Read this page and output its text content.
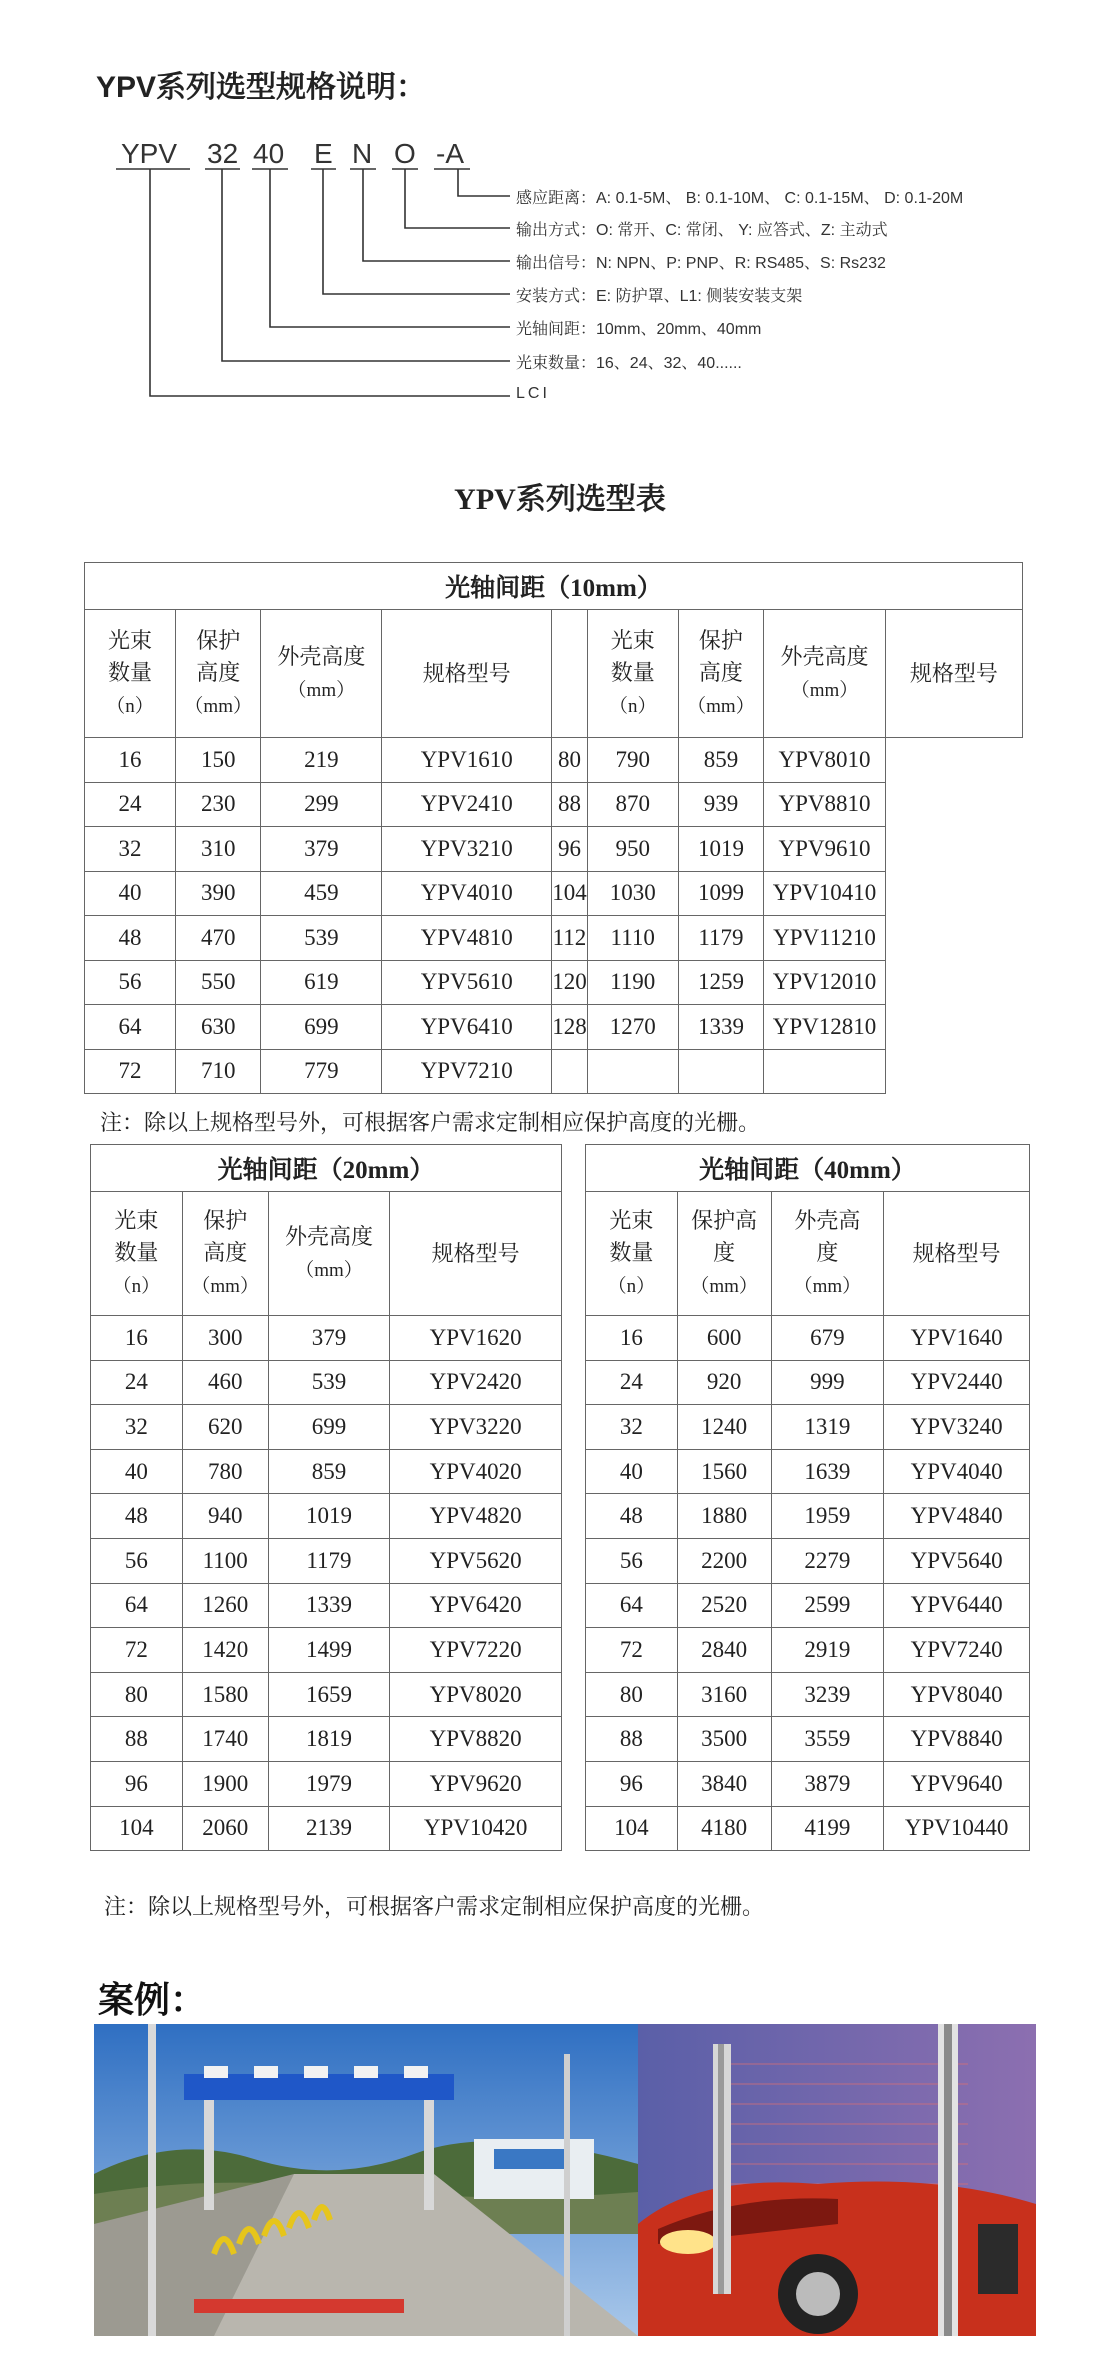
YPV系列选型规格说明：
YPV 32 40 E N O -A
感应距离：A: 0.1-5M、 B: 0.1-10M、 C: 0.1-15M、 D: 0.1-20M
输出方式：O: 常开、C: 常闭、 Y: 应答式、Z: 主动式
输出信号：N: NPN、P: PNP、R: RS485、S: Rs232
安装方式：E: 防护罩、L1: 侧装安装支架
光轴间距：10mm、20mm、40mm
光束数量：16、24、32、40......
LCI
YPV系列选型表
光轴间距（10mm）								
光束
数量
（n）	保护
高度
（mm）	外壳高度
（mm）	规格型号		光束
数量
（n）	保护
高度
（mm）	外壳高度
（mm）	规格型号
16	150	219	YPV1610	80	790	859	YPV8010	
24	230	299	YPV2410	88	870	939	YPV8810	
32	310	379	YPV3210	96	950	1019	YPV9610	
40	390	459	YPV4010	104	1030	1099	YPV10410	
48	470	539	YPV4810	112	1110	1179	YPV11210	
56	550	619	YPV5610	120	1190	1259	YPV12010	
64	630	699	YPV6410	128	1270	1339	YPV12810	
72	710	779	YPV7210					
注：除以上规格型号外，可根据客户需求定制相应保护高度的光栅。
光轴间距（20mm）			
光束
数量
（n）	保护
高度
（mm）	外壳高度
（mm）	规格型号
16	300	379	YPV1620
24	460	539	YPV2420
32	620	699	YPV3220
40	780	859	YPV4020
48	940	1019	YPV4820
56	1100	1179	YPV5620
64	1260	1339	YPV6420
72	1420	1499	YPV7220
80	1580	1659	YPV8020
88	1740	1819	YPV8820
96	1900	1979	YPV9620
104	2060	2139	YPV10420
光轴间距（40mm）			
光束
数量
（n）	保护高
度
（mm）	外壳高
度
（mm）	规格型号
16	600	679	YPV1640
24	920	999	YPV2440
32	1240	1319	YPV3240
40	1560	1639	YPV4040
48	1880	1959	YPV4840
56	2200	2279	YPV5640
64	2520	2599	YPV6440
72	2840	2919	YPV7240
80	3160	3239	YPV8040
88	3500	3559	YPV8840
96	3840	3879	YPV9640
104	4180	4199	YPV10440
注：除以上规格型号外，可根据客户需求定制相应保护高度的光栅。
案例：
